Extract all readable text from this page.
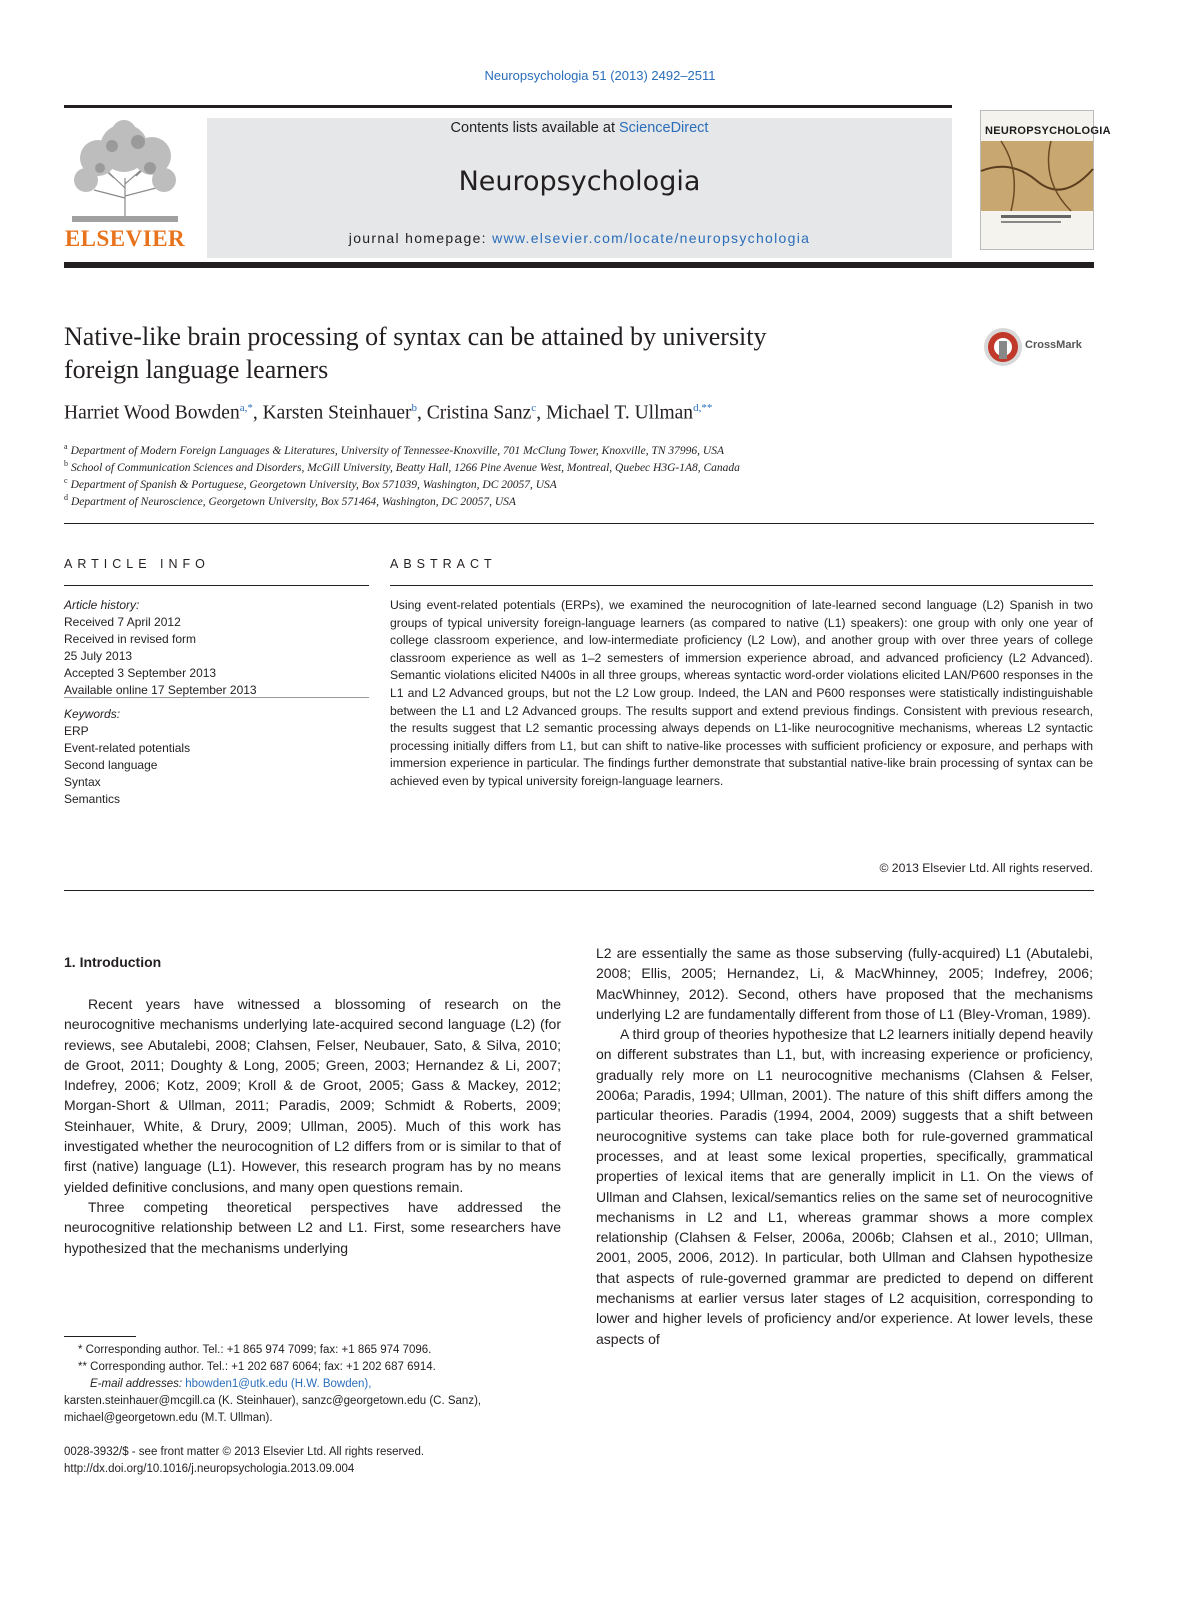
Neuropsychologia 51 (2013) 2492–2511
ELSEVIER
Contents lists available at ScienceDirect
Neuropsychologia
journal homepage: www.elsevier.com/locate/neuropsychologia
NEUROPSYCHOLOGIA
Native-like brain processing of syntax can be attained by university
foreign language learners
CrossMark
Harriet Wood Bowden$^{a,*}$, Karsten Steinhauer$^b$, Cristina Sanz$^c$, Michael T. Ullman$^{d,**}$
$^a$ Department of Modern Foreign Languages & Literatures, University of Tennessee-Knoxville, 701 McClung Tower, Knoxville, TN 37996, USA
$^b$ School of Communication Sciences and Disorders, McGill University, Beatty Hall, 1266 Pine Avenue West, Montreal, Quebec H3G-1A8, Canada
$^c$ Department of Spanish & Portuguese, Georgetown University, Box 571039, Washington, DC 20057, USA
$^d$ Department of Neuroscience, Georgetown University, Box 571464, Washington, DC 20057, USA
ARTICLE INFO
Article history:
Received 7 April 2012
Received in revised form
25 July 2013
Accepted 3 September 2013
Available online 17 September 2013
Keywords:
ERP
Event-related potentials
Second language
Syntax
Semantics
ABSTRACT
Using event-related potentials (ERPs), we examined the neurocognition of late-learned second language (L2) Spanish in two groups of typical university foreign-language learners (as compared to native (L1) speakers): one group with only one year of college classroom experience, and low-intermediate proficiency (L2 Low), and another group with over three years of college classroom experience as well as 1–2 semesters of immersion experience abroad, and advanced proficiency (L2 Advanced). Semantic violations elicited N400s in all three groups, whereas syntactic word-order violations elicited LAN/P600 responses in the L1 and L2 Advanced groups, but not the L2 Low group. Indeed, the LAN and P600 responses were statistically indistinguishable between the L1 and L2 Advanced groups. The results support and extend previous findings. Consistent with previous research, the results suggest that L2 semantic processing always depends on L1-like neurocognitive mechanisms, whereas L2 syntactic processing initially differs from L1, but can shift to native-like processes with sufficient proficiency or exposure, and perhaps with immersion experience in particular. The findings further demonstrate that substantial native-like brain processing of syntax can be achieved even by typical university foreign-language learners.
© 2013 Elsevier Ltd. All rights reserved.
1. Introduction

Recent years have witnessed a blossoming of research on the neurocognitive mechanisms underlying late-acquired second language (L2) (for reviews, see Abutalebi, 2008; Clahsen, Felser, Neubauer, Sato, & Silva, 2010; de Groot, 2011; Doughty & Long, 2005; Green, 2003; Hernandez & Li, 2007; Indefrey, 2006; Kotz, 2009; Kroll & de Groot, 2005; Gass & Mackey, 2012; Morgan-Short & Ullman, 2011; Paradis, 2009; Schmidt & Roberts, 2009; Steinhauer, White, & Drury, 2009; Ullman, 2005). Much of this work has investigated whether the neurocognition of L2 differs from or is similar to that of first (native) language (L1). However, this research program has by no means yielded definitive conclusions, and many open questions remain.

Three competing theoretical perspectives have addressed the neurocognitive relationship between L2 and L1. First, some researchers have hypothesized that the mechanisms underlying

L2 are essentially the same as those subserving (fully-acquired) L1 (Abutalebi, 2008; Ellis, 2005; Hernandez, Li, & MacWhinney, 2005; Indefrey, 2006; MacWhinney, 2012). Second, others have proposed that the mechanisms underlying L2 are fundamentally different from those of L1 (Bley-Vroman, 1989).

A third group of theories hypothesize that L2 learners initially depend heavily on different substrates than L1, but, with increasing experience or proficiency, gradually rely more on L1 neurocognitive mechanisms (Clahsen & Felser, 2006a; Paradis, 1994; Ullman, 2001). The nature of this shift differs among the particular theories. Paradis (1994, 2004, 2009) suggests that a shift between neurocognitive systems can take place both for rule-governed grammatical processes, and at least some lexical properties, specifically, grammatical properties of lexical items that are generally implicit in L1. On the views of Ullman and Clahsen, lexical/semantics relies on the same set of neurocognitive mechanisms in L2 and L1, whereas grammar shows a more complex relationship (Clahsen & Felser, 2006a, 2006b; Clahsen et al., 2010; Ullman, 2001, 2005, 2006, 2012). In particular, both Ullman and Clahsen hypothesize that aspects of rule-governed grammar are predicted to depend on different mechanisms at earlier versus later stages of L2 acquisition, corresponding to lower and higher levels of proficiency and/or experience. At lower levels, these aspects of

* Corresponding author. Tel.: +1 865 974 7099; fax: +1 865 974 7096.
** Corresponding author. Tel.: +1 202 687 6064; fax: +1 202 687 6914.
E-mail addresses: hbowden1@utk.edu (H.W. Bowden),
karsten.steinhauer@mcgill.ca (K. Steinhauer), sanzc@georgetown.edu (C. Sanz),
michael@georgetown.edu (M.T. Ullman).
0028-3932/$ - see front matter © 2013 Elsevier Ltd. All rights reserved.
http://dx.doi.org/10.1016/j.neuropsychologia.2013.09.004
